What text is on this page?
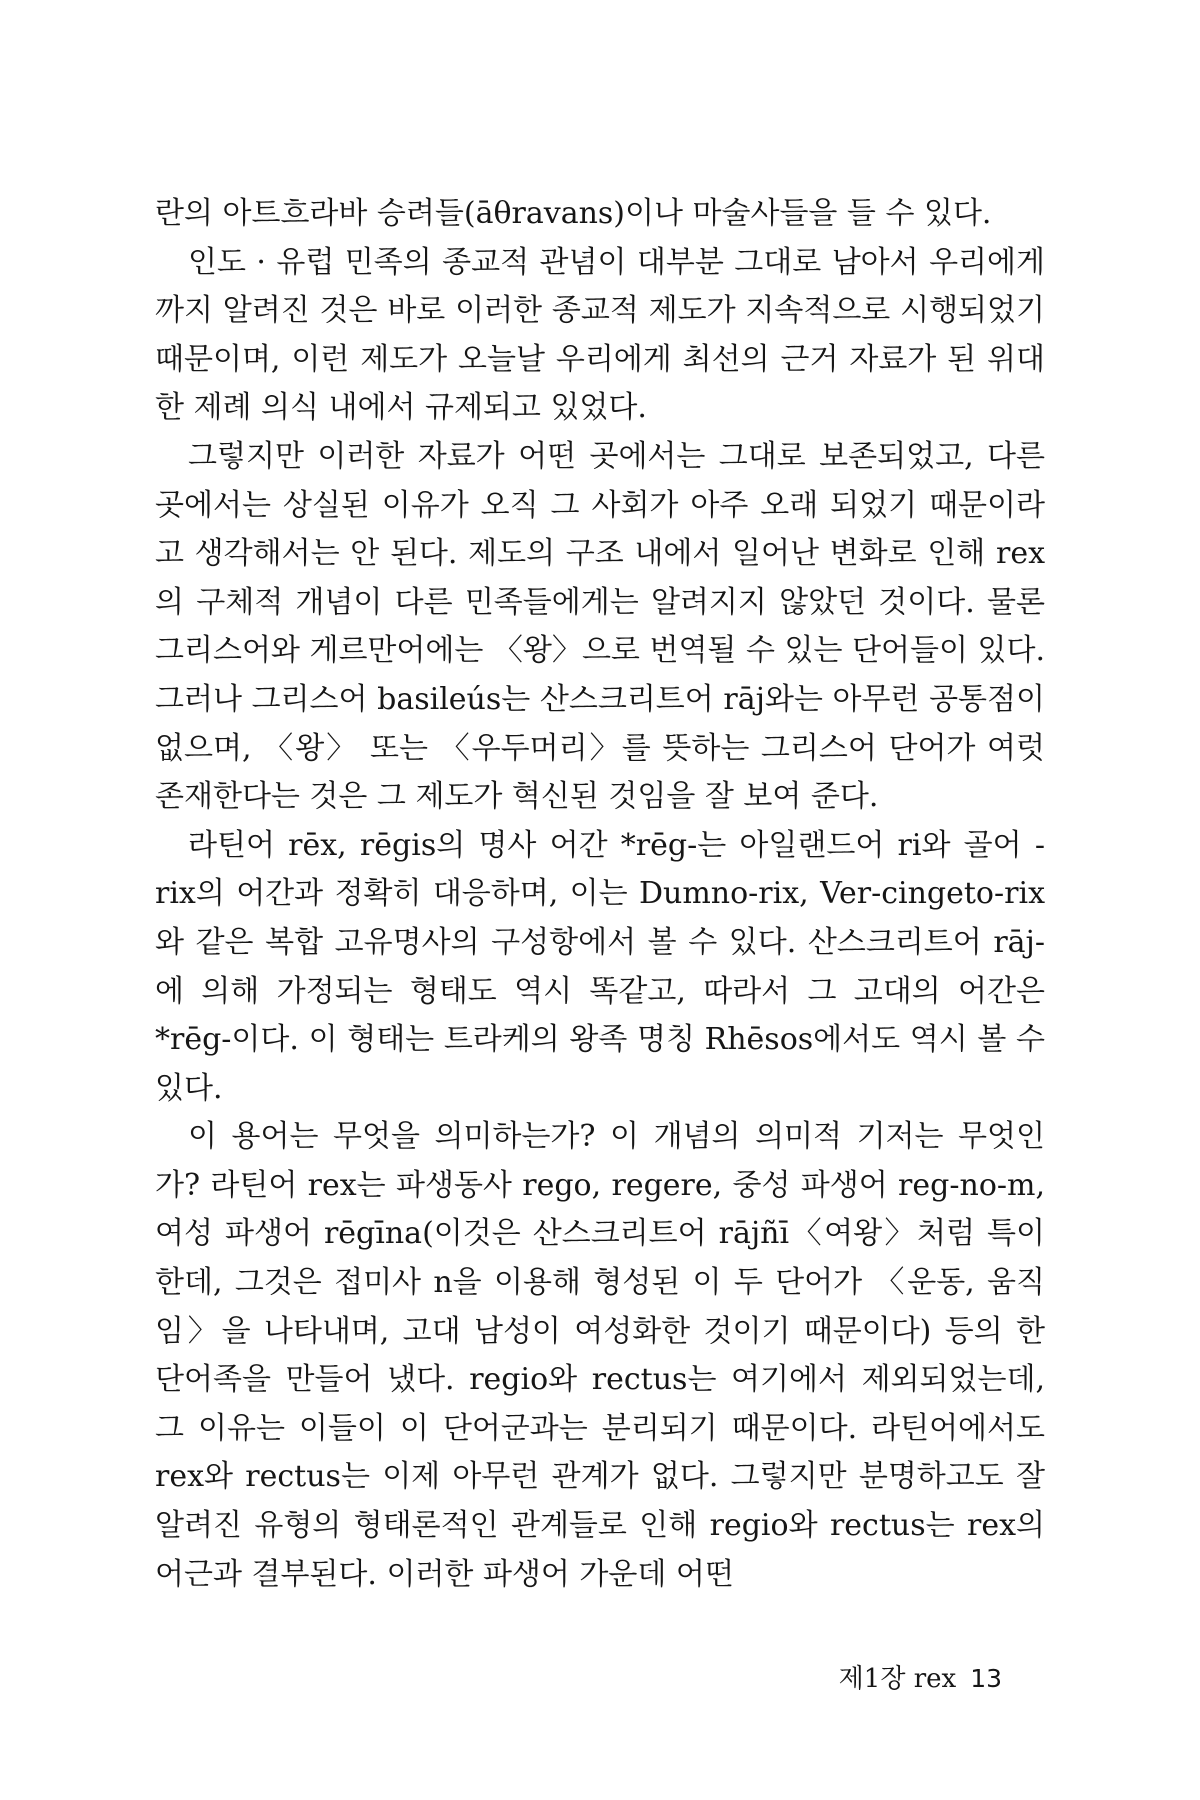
란의 아트흐라바 승려들(āθravans)이나 마술사들을 들 수 있다.

인도 · 유럽 민족의 종교적 관념이 대부분 그대로 남아서 우리에게까지 알려진 것은 바로 이러한 종교적 제도가 지속적으로 시행되었기 때문이며, 이런 제도가 오늘날 우리에게 최선의 근거 자료가 된 위대한 제례 의식 내에서 규제되고 있었다.

그렇지만 이러한 자료가 어떤 곳에서는 그대로 보존되었고, 다른 곳에서는 상실된 이유가 오직 그 사회가 아주 오래 되었기 때문이라고 생각해서는 안 된다. 제도의 구조 내에서 일어난 변화로 인해 rex의 구체적 개념이 다른 민족들에게는 알려지지 않았던 것이다. 물론 그리스어와 게르만어에는 〈왕〉으로 번역될 수 있는 단어들이 있다. 그러나 그리스어 basileús는 산스크리트어 rāj와는 아무런 공통점이 없으며, 〈왕〉 또는 〈우두머리〉를 뜻하는 그리스어 단어가 여럿 존재한다는 것은 그 제도가 혁신된 것임을 잘 보여 준다.

라틴어 rēx, rēgis의 명사 어간 *rēg-는 아일랜드어 ri와 골어 -rix의 어간과 정확히 대응하며, 이는 Dumno-rix, Ver-cingeto-rix와 같은 복합 고유명사의 구성항에서 볼 수 있다. 산스크리트어 rāj-에 의해 가정되는 형태도 역시 똑같고, 따라서 그 고대의 어간은 *rēg-이다. 이 형태는 트라케의 왕족 명칭 Rhēsos에서도 역시 볼 수 있다.

이 용어는 무엇을 의미하는가? 이 개념의 의미적 기저는 무엇인가? 라틴어 rex는 파생동사 rego, regere, 중성 파생어 reg-no-m, 여성 파생어 rēgīna(이것은 산스크리트어 rājñī〈여왕〉처럼 특이한데, 그것은 접미사 n을 이용해 형성된 이 두 단어가 〈운동, 움직임〉을 나타내며, 고대 남성이 여성화한 것이기 때문이다) 등의 한 단어족을 만들어 냈다. regio와 rectus는 여기에서 제외되었는데, 그 이유는 이들이 이 단어군과는 분리되기 때문이다. 라틴어에서도 rex와 rectus는 이제 아무런 관계가 없다. 그렇지만 분명하고도 잘 알려진 유형의 형태론적인 관계들로 인해 regio와 rectus는 rex의 어근과 결부된다. 이러한 파생어 가운데 어떤

제1장 rex 13
